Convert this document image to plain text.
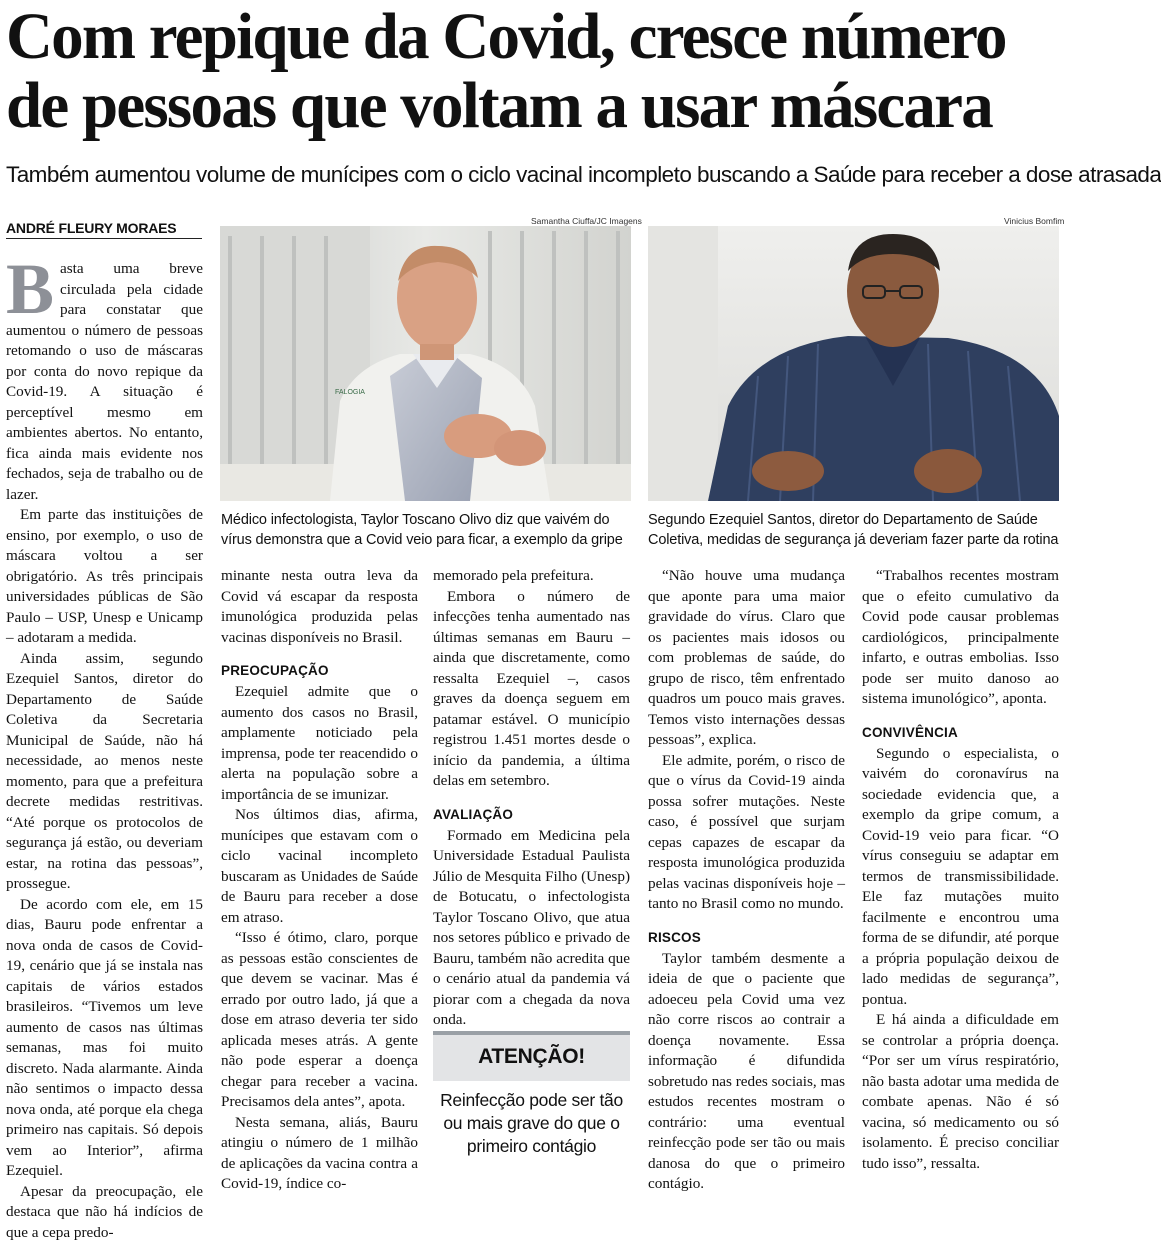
Com repique da Covid, cresce número
de pessoas que voltam a usar máscara

Também aumentou volume de munícipes com o ciclo vacinal incompleto buscando a Saúde para receber a dose atrasada

ANDRÉ FLEURY MORAES	Samantha Ciuffa/JC Imagens
FALOGIA

Médico infectologista, Taylor Toscano Olivo diz que vaivém do vírus demonstra que a Covid veio para ficar, a exemplo da gripe

Vinicius Bomfim

Segundo Ezequiel Santos, diretor do Departamento de Saúde Coletiva, medidas de segurança já deveriam fazer parte da rotina

Basta uma breve circulada pela cidade para constatar que aumentou o número de pessoas retomando o uso de máscaras por conta do novo repique da Covid-19. A situação é perceptível mesmo em ambientes abertos. No entanto, fica ainda mais evidente nos fechados, seja de trabalho ou de lazer.

Em parte das instituições de ensino, por exemplo, o uso de máscara voltou a ser obrigatório. As três principais universidades públicas de São Paulo – USP, Unesp e Unicamp – adotaram a medida.

Ainda assim, segundo Ezequiel Santos, diretor do Departamento de Saúde Coletiva da Secretaria Municipal de Saúde, não há necessidade, ao menos neste momento, para que a prefeitura decrete medidas restritivas. “Até porque os protocolos de segurança já estão, ou deveriam estar, na rotina das pessoas”, prossegue.

De acordo com ele, em 15 dias, Bauru pode enfrentar a nova onda de casos de Covid-19, cenário que já se instala nas capitais de vários estados brasileiros. “Tivemos um leve aumento de casos nas últimas semanas, mas foi muito discreto. Nada alarmante. Ainda não sentimos o impacto dessa nova onda, até porque ela chega primeiro nas capitais. Só depois vem ao Interior”, afirma Ezequiel.

Apesar da preocupação, ele destaca que não há indícios de que a cepa predo-

minante nesta outra leva da Covid vá escapar da resposta imunológica produzida pelas vacinas disponíveis no Brasil.

PREOCUPAÇÃO

Ezequiel admite que o aumento dos casos no Brasil, amplamente noticiado pela imprensa, pode ter reacendido o alerta na população sobre a importância de se imunizar.

Nos últimos dias, afirma, munícipes que estavam com o ciclo vacinal incompleto buscaram as Unidades de Saúde de Bauru para receber a dose em atraso.

“Isso é ótimo, claro, porque as pessoas estão conscientes de que devem se vacinar. Mas é errado por outro lado, já que a dose em atraso deveria ter sido aplicada meses atrás. A gente não pode esperar a doença chegar para receber a vacina. Precisamos dela antes”, apota.

Nesta semana, aliás, Bauru atingiu o número de 1 milhão de aplicações da vacina contra a Covid-19, índice co-

memorado pela prefeitura.

Embora o número de infecções tenha aumentado nas últimas semanas em Bauru – ainda que discretamente, como ressalta Ezequiel –, casos graves da doença seguem em patamar estável. O município registrou 1.451 mortes desde o início da pandemia, a última delas em setembro.

AVALIAÇÃO

Formado em Medicina pela Universidade Estadual Paulista Júlio de Mesquita Filho (Unesp) de Botucatu, o infectologista Taylor Toscano Olivo, que atua nos setores público e privado de Bauru, também não acredita que o cenário atual da pandemia vá piorar com a chegada da nova onda.

ATENÇÃO!

Reinfecção pode ser tão ou mais grave do que o primeiro contágio

“Não houve uma mudança que aponte para uma maior gravidade do vírus. Claro que os pacientes mais idosos ou com problemas de saúde, do grupo de risco, têm enfrentado quadros um pouco mais graves. Temos visto internações dessas pessoas”, explica.

Ele admite, porém, o risco de que o vírus da Covid-19 ainda possa sofrer mutações. Neste caso, é possível que surjam cepas capazes de escapar da resposta imunológica produzida pelas vacinas disponíveis hoje – tanto no Brasil como no mundo.

RISCOS

Taylor também desmente a ideia de que o paciente que adoeceu pela Covid uma vez não corre riscos ao contrair a doença novamente. Essa informação é difundida sobretudo nas redes sociais, mas estudos recentes mostram o contrário: uma eventual reinfecção pode ser tão ou mais danosa do que o primeiro contágio.

“Trabalhos recentes mostram que o efeito cumulativo da Covid pode causar problemas cardiológicos, principalmente infarto, e outras embolias. Isso pode ser muito danoso ao sistema imunológico”, aponta.

CONVIVÊNCIA

Segundo o especialista, o vaivém do coronavírus na sociedade evidencia que, a exemplo da gripe comum, a Covid-19 veio para ficar. “O vírus conseguiu se adaptar em termos de transmissibilidade. Ele faz mutações muito facilmente e encontrou uma forma de se difundir, até porque a própria população deixou de lado medidas de segurança”, pontua.

E há ainda a dificuldade em se controlar a própria doença. “Por ser um vírus respiratório, não basta adotar uma medida de combate apenas. Não é só vacina, só medicamento ou só isolamento. É preciso conciliar tudo isso”, ressalta.
